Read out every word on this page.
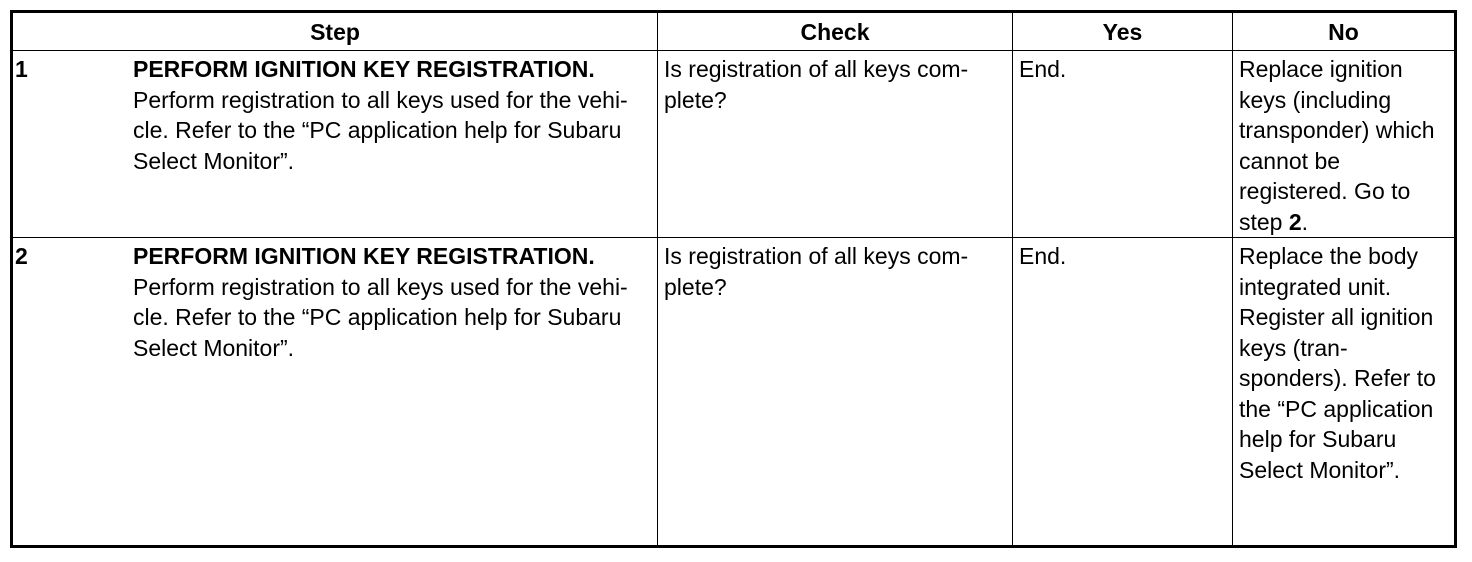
Step	Check	Yes	No

1 PERFORM IGNITION KEY REGISTRATION.
Perform registration to all keys used for the vehi-cle. Refer to the “PC application help for Subaru Select Monitor”.	Is registration of all keys com-plete?	End.	Replace ignition keys (including transponder) which cannot be registered. Go to step 2.

2 PERFORM IGNITION KEY REGISTRATION.
Perform registration to all keys used for the vehi-cle. Refer to the “PC application help for Subaru Select Monitor”.	Is registration of all keys com-plete?	End.	Replace the body integrated unit. Register all ignition keys (tran-sponders). Refer to the “PC application help for Subaru Select Monitor”.
